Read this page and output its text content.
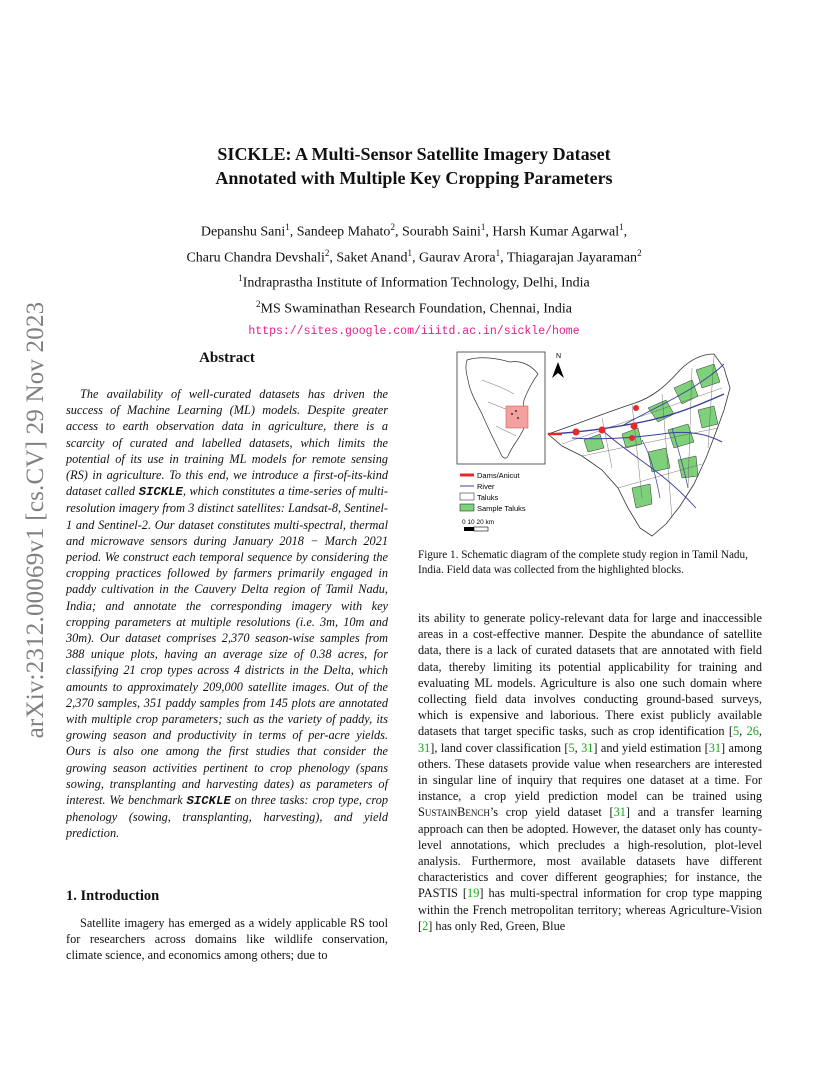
arXiv:2312.00069v1 [cs.CV] 29 Nov 2023
SICKLE: A Multi-Sensor Satellite Imagery Dataset
Annotated with Multiple Key Cropping Parameters
Depanshu Sani$^1$, Sandeep Mahato$^2$, Sourabh Saini$^1$, Harsh Kumar Agarwal$^1$,
Charu Chandra Devshali$^2$, Saket Anand$^1$, Gaurav Arora$^1$, Thiagarajan Jayaraman$^2$
$^1$Indraprastha Institute of Information Technology, Delhi, India
$^2$MS Swaminathan Research Foundation, Chennai, India
https://sites.google.com/iiitd.ac.in/sickle/home
Abstract

The availability of well-curated datasets has driven the success of Machine Learning (ML) models. Despite greater access to earth observation data in agriculture, there is a scarcity of curated and labelled datasets, which limits the potential of its use in training ML models for remote sensing (RS) in agriculture. To this end, we introduce a first-of-its-kind dataset called SICKLE, which constitutes a time-series of multi-resolution imagery from 3 distinct satellites: Landsat-8, Sentinel-1 and Sentinel-2. Our dataset constitutes multi-spectral, thermal and microwave sensors during January 2018 − March 2021 period. We construct each temporal sequence by considering the cropping practices followed by farmers primarily engaged in paddy cultivation in the Cauvery Delta region of Tamil Nadu, India; and annotate the corresponding imagery with key cropping parameters at multiple resolutions (i.e. 3m, 10m and 30m). Our dataset comprises 2,370 season-wise samples from 388 unique plots, having an average size of 0.38 acres, for classifying 21 crop types across 4 districts in the Delta, which amounts to approximately 209,000 satellite images. Out of the 2,370 samples, 351 paddy samples from 145 plots are annotated with multiple crop parameters; such as the variety of paddy, its growing season and productivity in terms of per-acre yields. Ours is also one among the first studies that consider the growing season activities pertinent to crop phenology (spans sowing, transplanting and harvesting dates) as parameters of interest. We benchmark SICKLE on three tasks: crop type, crop phenology (sowing, transplanting, harvesting), and yield prediction.

1. Introduction

Satellite imagery has emerged as a widely applicable RS tool for researchers across domains like wildlife conservation, climate science, and economics among others; due to

N
Dams/Anicut
River
Taluks
Sample Taluks
0 10 20 km
Figure 1. Schematic diagram of the complete study region in Tamil Nadu, India. Field data was collected from the highlighted blocks.

its ability to generate policy-relevant data for large and inaccessible areas in a cost-effective manner. Despite the abundance of satellite data, there is a lack of curated datasets that are annotated with field data, thereby limiting its potential applicability for training and evaluating ML models. Agriculture is also one such domain where collecting field data involves conducting ground-based surveys, which is expensive and laborious. There exist publicly available datasets that target specific tasks, such as crop identification [5, 26, 31], land cover classification [5, 31] and yield estimation [31] among others. These datasets provide value when researchers are interested in singular line of inquiry that requires one dataset at a time. For instance, a crop yield prediction model can be trained using SustainBench’s crop yield dataset [31] and a transfer learning approach can then be adopted. However, the dataset only has county-level annotations, which precludes a high-resolution, plot-level analysis. Furthermore, most available datasets have different characteristics and cover different geographies; for instance, the PASTIS [19] has multi-spectral information for crop type mapping within the French metropolitan territory; whereas Agriculture-Vision [2] has only Red, Green, Blue
